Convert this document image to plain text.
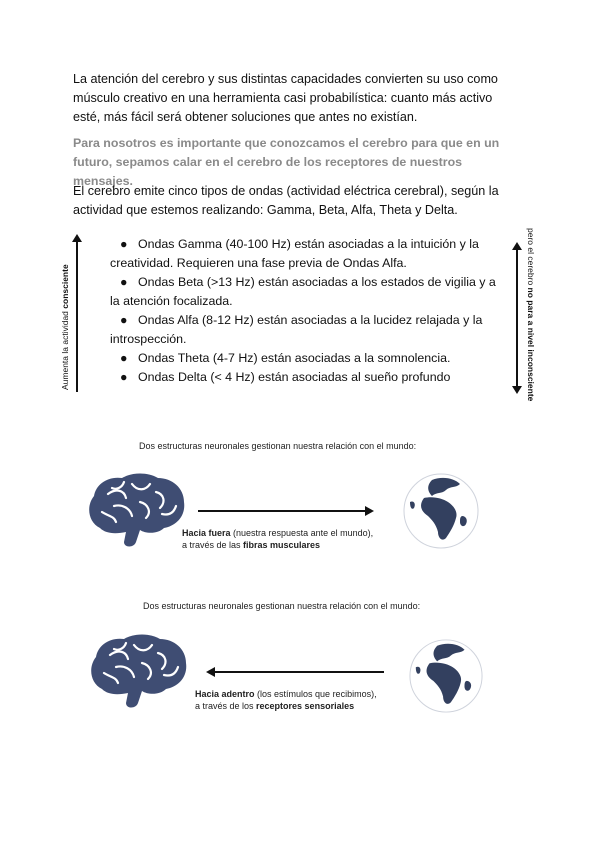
La atención del cerebro y sus distintas capacidades convierten su uso como músculo creativo en una herramienta casi probabilística: cuanto más activo esté, más fácil será obtener soluciones que antes no existían.
Para nosotros es importante que conozcamos el cerebro para que en un futuro, sepamos calar en el cerebro de los receptores de nuestros mensajes.
El cerebro emite cinco tipos de ondas (actividad eléctrica cerebral), según la actividad que estemos realizando: Gamma, Beta, Alfa, Theta y Delta.
Aumenta la actividad consciente
● Ondas Gamma (40-100 Hz) están asociadas a la intuición y la creatividad. Requieren una fase previa de Ondas Alfa.
● Ondas Beta (>13 Hz) están asociadas a los estados de vigilia y a la atención focalizada.
● Ondas Alfa (8-12 Hz) están asociadas a la lucidez relajada y la introspección.
● Ondas Theta (4-7 Hz) están asociadas a la somnolencia.
● Ondas Delta (< 4 Hz) están asociadas al sueño profundo
pero el cerebro no para a nivel inconsciente
Dos estructuras neuronales gestionan nuestra relación con el mundo:
Hacia fuera (nuestra respuesta ante el mundo),
a través de las fibras musculares
Dos estructuras neuronales gestionan nuestra relación con el mundo:
Hacia adentro (los estímulos que recibimos),
a través de los receptores sensoriales
